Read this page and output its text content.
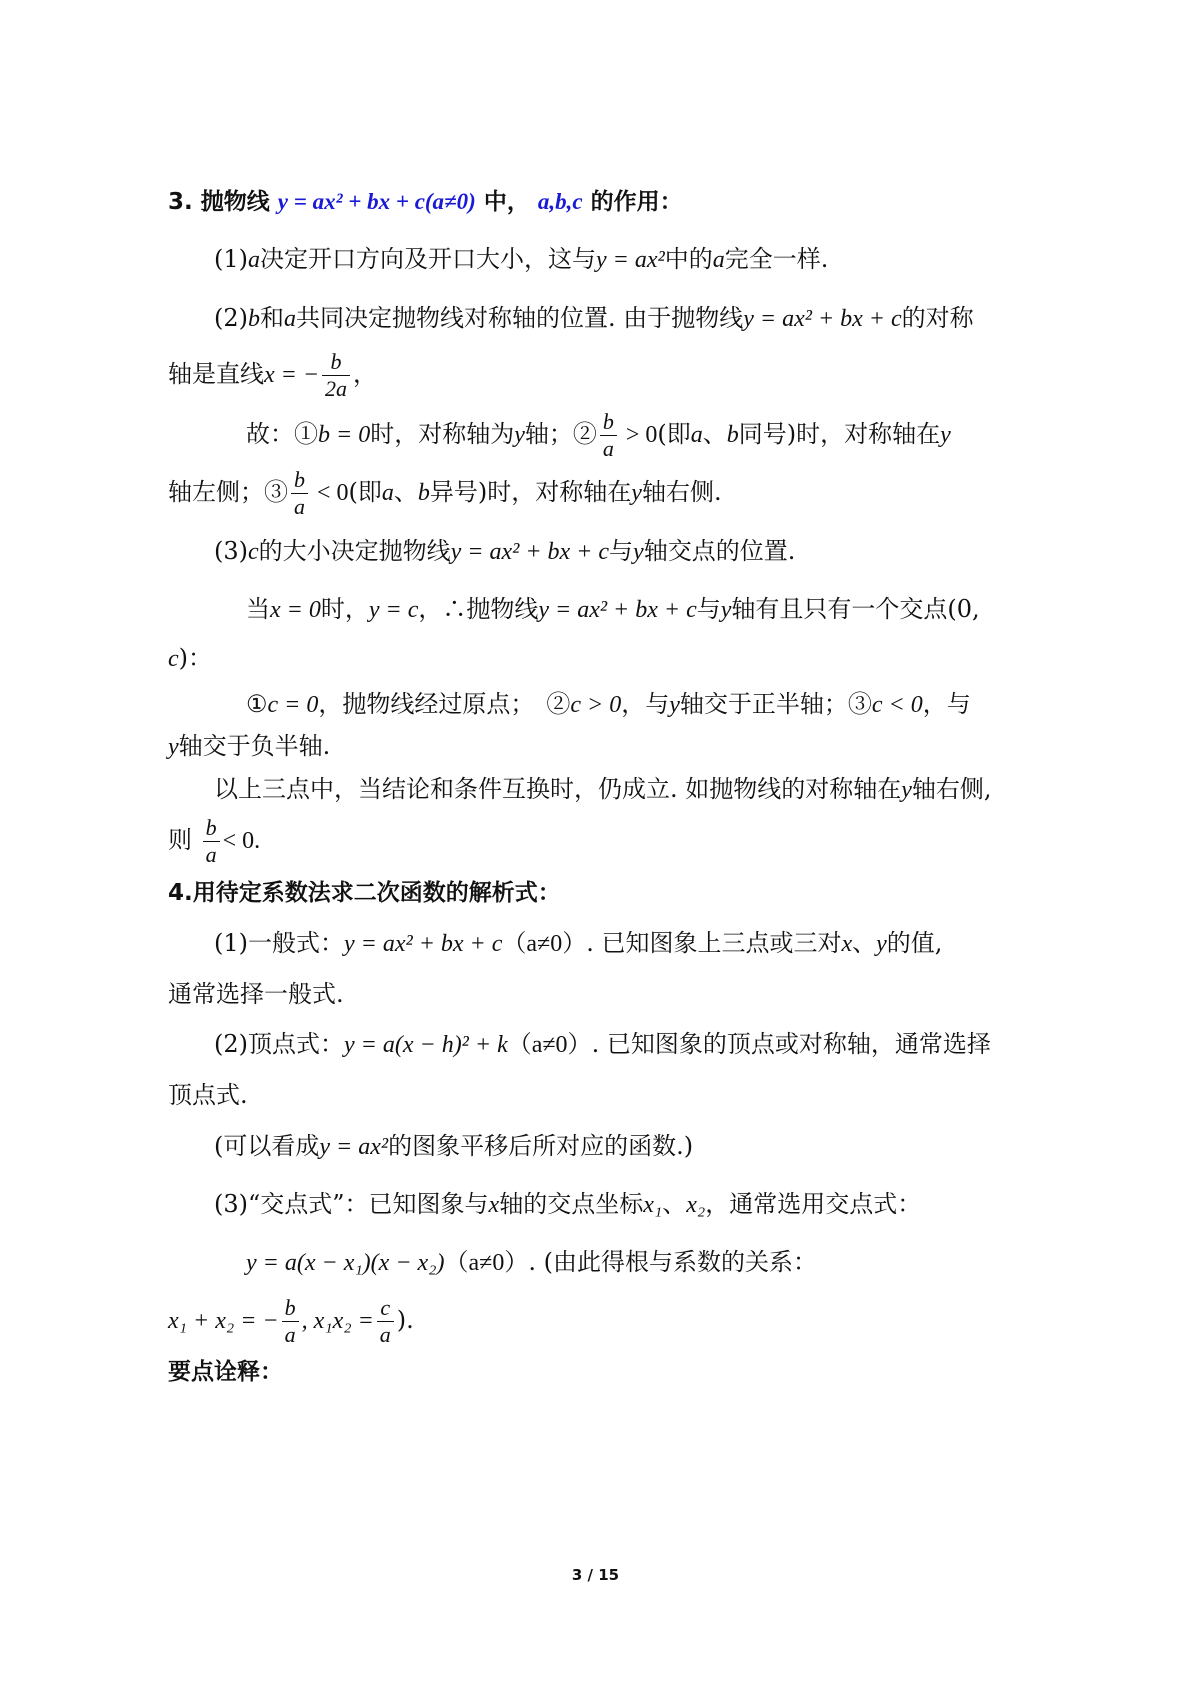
3. 抛物线 y = ax² + bx + c(a≠0) 中， a,b,c 的作用：
(1)a决定开口方向及开口大小，这与y = ax²中的a完全一样.
(2)b和a共同决定抛物线对称轴的位置. 由于抛物线y = ax² + bx + c的对称
轴是直线x = − $\frac{b}{2a}$ ，
故：①b = 0时，对称轴为y轴；② $\frac{b}{a} > 0$(即a、b同号)时，对称轴在y
轴左侧；③ $\frac{b}{a} < 0$(即a、b异号)时，对称轴在y轴右侧.
(3)c的大小决定抛物线y = ax² + bx + c与y轴交点的位置.
当x = 0时，y = c，∴抛物线y = ax² + bx + c与y轴有且只有一个交点(0,
c)：
①c = 0，抛物线经过原点；　②c > 0，与y轴交于正半轴；③c < 0，与
y轴交于负半轴.
以上三点中，当结论和条件互换时，仍成立. 如抛物线的对称轴在y轴右侧,
则 $\frac{b}{a} < 0$.
4.用待定系数法求二次函数的解析式：
(1)一般式：y = ax² + bx + c（a≠0）. 已知图象上三点或三对x、y的值,
通常选择一般式.
(2)顶点式：y = a(x − h)² + k（a≠0）. 已知图象的顶点或对称轴，通常选择
顶点式.
(可以看成y = ax²的图象平移后所对应的函数.)
(3)“交点式”：已知图象与x轴的交点坐标x₁、x₂，通常选用交点式：
y = a(x − x₁)(x − x₂)（a≠0）. (由此得根与系数的关系：
x₁ + x₂ = − $\frac{b}{a}$ , $x_1x_2 = \frac{c}{a}$ ).
要点诠释：
3 / 15
